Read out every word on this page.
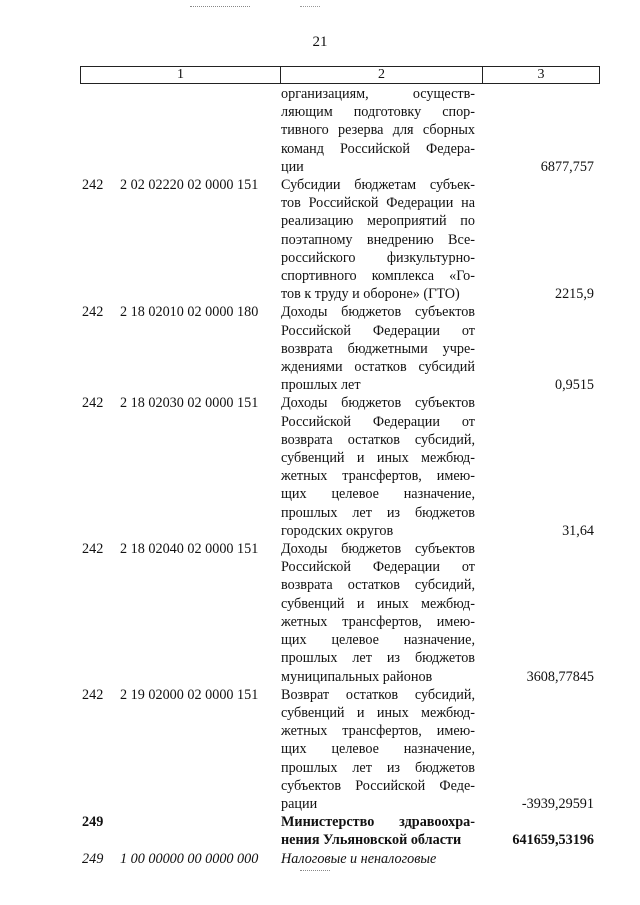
21
1	2	3
организациям, осуществ-
ляющим подготовку спор-
тивного резерва для сборных
команд Российской Федера-
ции	6877,757
242 2 02 02220 02 0000 151 Субсидии бюджетам субъек-
тов Российской Федерации на
реализацию мероприятий по
поэтапному внедрению Все-
российского физкультурно-
спортивного комплекса «Го-
тов к труду и обороне» (ГТО)	2215,9
242 2 18 02010 02 0000 180 Доходы бюджетов субъектов
Российской Федерации от
возврата бюджетными учре-
ждениями остатков субсидий
прошлых лет	0,9515
242 2 18 02030 02 0000 151 Доходы бюджетов субъектов
Российской Федерации от
возврата остатков субсидий,
субвенций и иных межбюд-
жетных трансфертов, имею-
щих целевое назначение,
прошлых лет из бюджетов
городских округов	31,64
242 2 18 02040 02 0000 151 Доходы бюджетов субъектов
Российской Федерации от
возврата остатков субсидий,
субвенций и иных межбюд-
жетных трансфертов, имею-
щих целевое назначение,
прошлых лет из бюджетов
муниципальных районов	3608,77845
242 2 19 02000 02 0000 151 Возврат остатков субсидий,
субвенций и иных межбюд-
жетных трансфертов, имею-
щих целевое назначение,
прошлых лет из бюджетов
субъектов Российской Феде-
рации	-3939,29591
249	Министерство здравоохра-
нения Ульяновской области	641659,53196
249 1 00 00000 00 0000 000 Налоговые и неналоговые
